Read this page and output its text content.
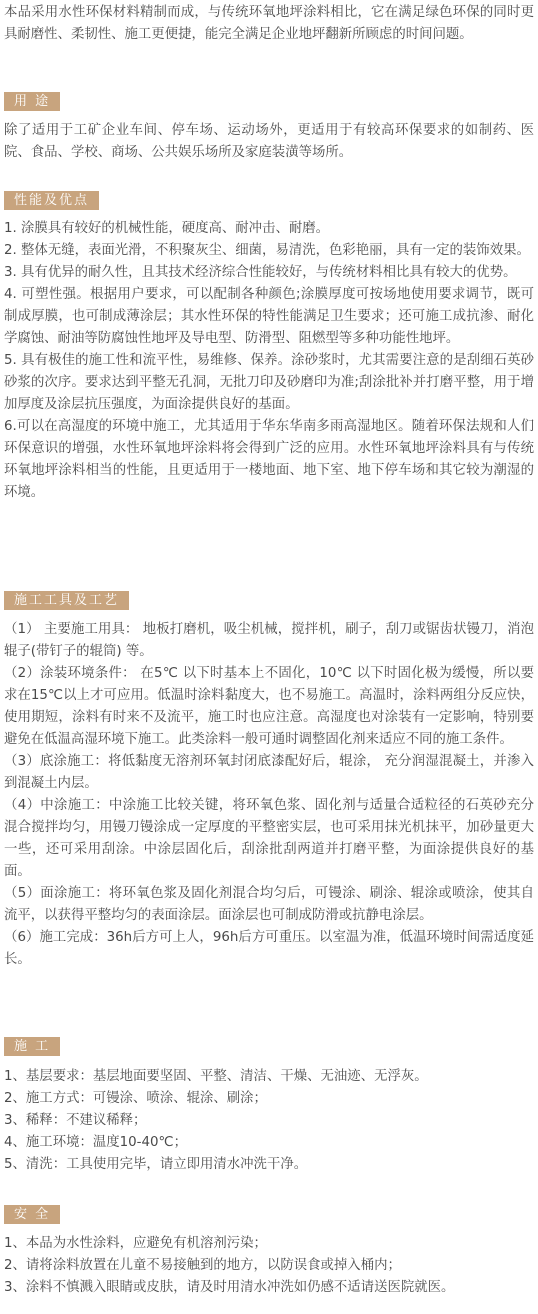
本品采用水性环保材料精制而成，与传统环氧地坪涂料相比，它在满足绿色环保的同时更具耐磨性、柔韧性、施工更便捷，能完全满足企业地坪翻新所顾虑的时间问题。

用 途

除了适用于工矿企业车间、停车场、运动场外，更适用于有较高环保要求的如制药、医院、食品、学校、商场、公共娱乐场所及家庭装潢等场所。

性能及优点

1. 涂膜具有较好的机械性能，硬度高、耐冲击、耐磨。

2. 整体无缝，表面光滑，不积聚灰尘、细菌，易清洗，色彩艳丽，具有一定的装饰效果。

3. 具有优异的耐久性，且其技术经济综合性能较好，与传统材料相比具有较大的优势。

4. 可塑性强。根据用户要求，可以配制各种颜色;涂膜厚度可按场地使用要求调节，既可制成厚膜，也可制成薄涂层；其水性环保的特性能满足卫生要求；还可施工成抗渗、耐化学腐蚀、耐油等防腐蚀性地坪及导电型、防滑型、阻燃型等多种功能性地坪。

5. 具有极佳的施工性和流平性，易维修、保养。涂砂浆时，尤其需要注意的是刮细石英砂砂浆的次序。要求达到平整无孔洞，无批刀印及砂磨印为准;刮涂批补并打磨平整，用于增加厚度及涂层抗压强度，为面涂提供良好的基面。

6.可以在高湿度的环境中施工，尤其适用于华东华南多雨高湿地区。随着环保法规和人们环保意识的增强，水性环氧地坪涂料将会得到广泛的应用。水性环氧地坪涂料具有与传统环氧地坪涂料相当的性能，且更适用于一楼地面、地下室、地下停车场和其它较为潮湿的环境。

施工工具及工艺

（1） 主要施工用具： 地板打磨机，吸尘机械，搅拌机，刷子，刮刀或锯齿状镘刀，消泡辊子(带钉子的辊筒) 等。

（2）涂装环境条件： 在5℃ 以下时基本上不固化，10℃ 以下时固化极为缓慢，所以要求在15℃以上才可应用。低温时涂料黏度大，也不易施工。高温时，涂料两组分反应快，使用期短，涂料有时来不及流平，施工时也应注意。高湿度也对涂装有一定影响，特别要避免在低温高湿环境下施工。此类涂料一般可通时调整固化剂来适应不同的施工条件。

（3）底涂施工：将低黏度无溶剂环氧封闭底漆配好后，辊涂， 充分润湿混凝土，并渗入到混凝土内层。

（4）中涂施工：中涂施工比较关键，将环氧色浆、固化剂与适量合适粒径的石英砂充分混合搅拌均匀，用镘刀镘涂成一定厚度的平整密实层，也可采用抹光机抹平，加砂量更大一些，还可采用刮涂。中涂层固化后，刮涂批刮两道并打磨平整，为面涂提供良好的基面。

（5）面涂施工：将环氧色浆及固化剂混合均匀后，可镘涂、刷涂、辊涂或喷涂，使其自流平，以获得平整均匀的表面涂层。面涂层也可制成防滑或抗静电涂层。

（6）施工完成：36h后方可上人，96h后方可重压。以室温为准，低温环境时间需适度延长。

施 工

1、基层要求：基层地面要坚固、平整、清洁、干燥、无油迹、无浮灰。

2、施工方式：可镘涂、喷涂、辊涂、刷涂；

3、稀释：不建议稀释；

4、施工环境：温度10-40℃；

5、清洗：工具使用完毕，请立即用清水冲洗干净。

安 全

1、本品为水性涂料，应避免有机溶剂污染；

2、请将涂料放置在儿童不易接触到的地方，以防误食或掉入桶内；

3、涂料不慎溅入眼睛或皮肤，请及时用清水冲洗如仍感不适请送医院就医。
